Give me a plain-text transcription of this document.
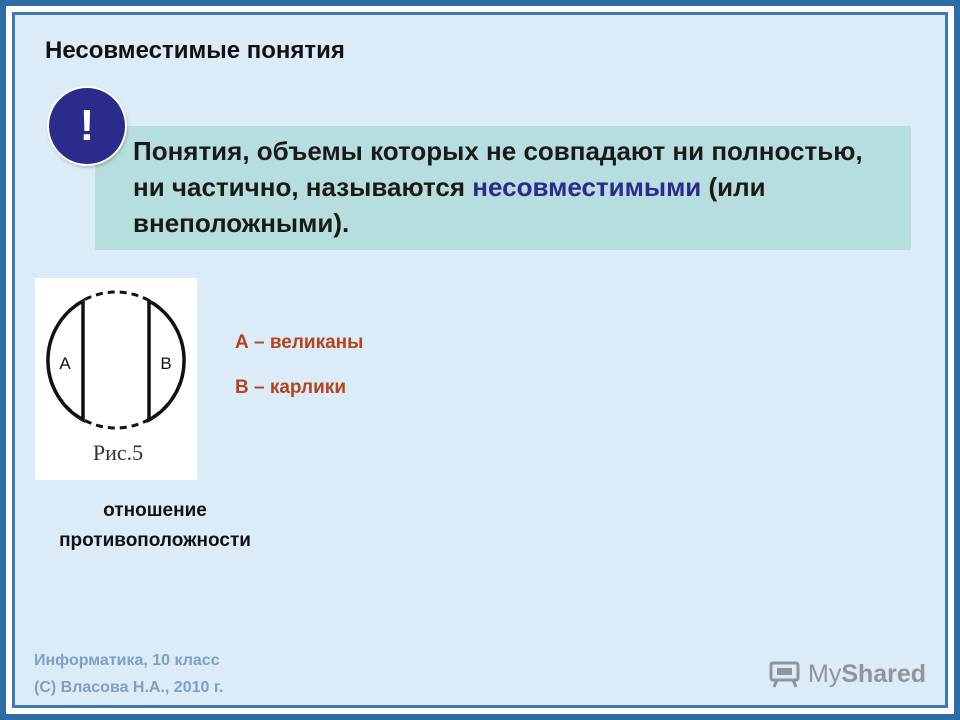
Несовместимые понятия
Понятия, объемы которых не совпадают ни полностью, ни частично, называются несовместимыми (или внеположными).
!
А	В
Рис.5
А – великаны
В – карлики
отношение
противоположности
Информатика, 10 класс
(С) Власова Н.А., 2010 г.	MyShared
